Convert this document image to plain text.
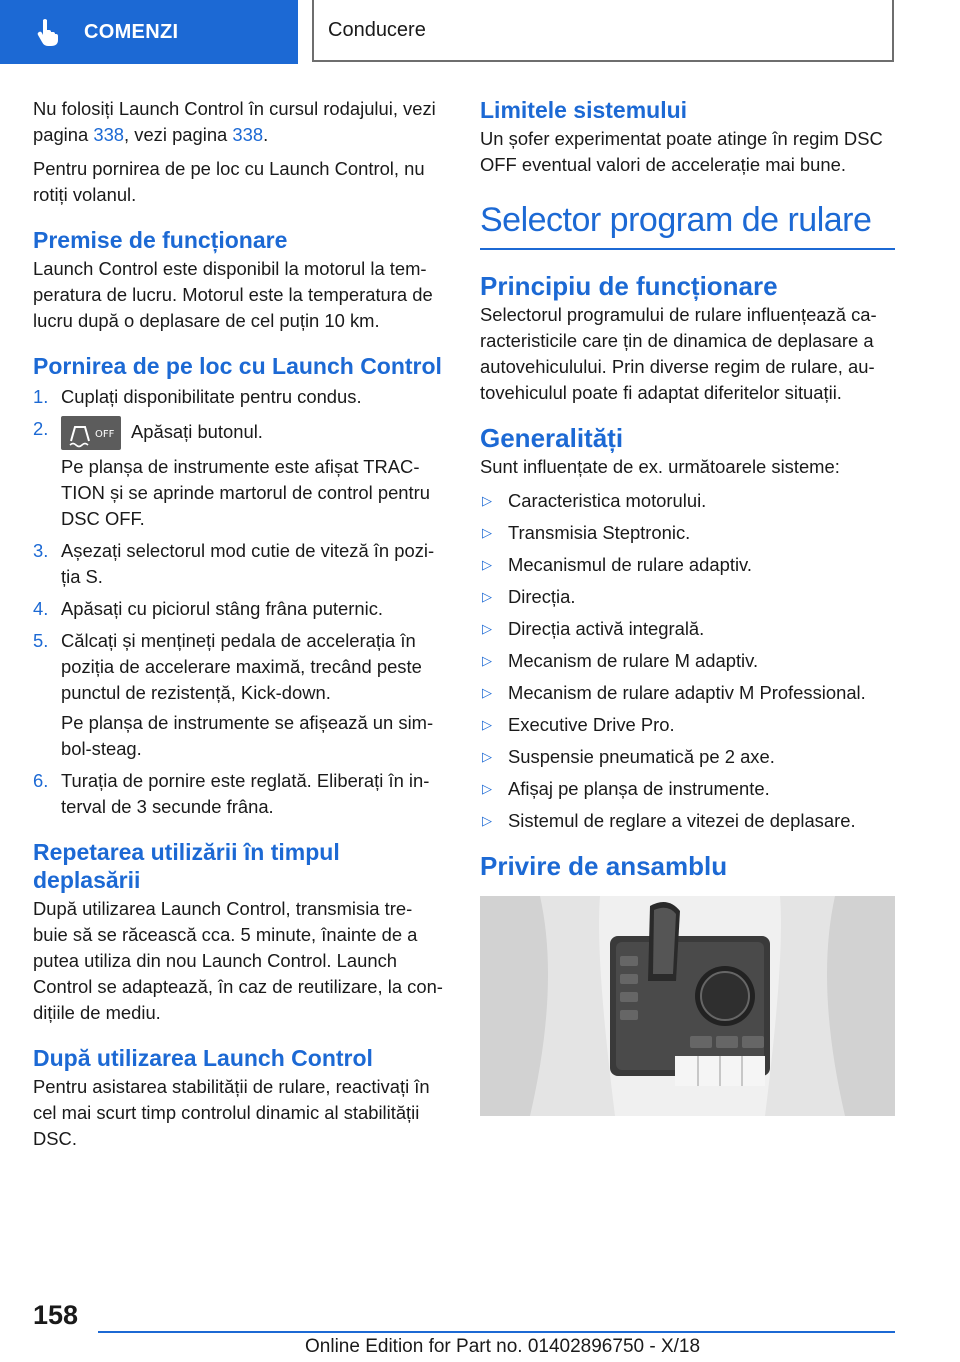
COMENZI	Conducere

Nu folosiți Launch Control în cursul rodajului, vezi pagina 338, vezi pagina 338.

Pentru pornirea de pe loc cu Launch Control, nu rotiți volanul.

Premise de funcționare

Launch Control este disponibil la motorul la tem- peratura de lucru. Motorul este la temperatura de lucru după o deplasare de cel puțin 10 km.

Pornirea de pe loc cu Launch Control
1. Cuplați disponibilitate pentru condus.
2.	OFF Apăsați butonul.

Pe planșa de instrumente este afișat TRAC- TION și se aprinde martorul de control pentru DSC OFF.

3. Așezați selectorul mod cutie de viteză în pozi- ția S.
4. Apăsați cu piciorul stâng frâna puternic.
5. Călcați și mențineți pedala de accelerația în poziția de accelerare maximă, trecând peste punctul de rezistență, Kick-down.

Pe planșa de instrumente se afișează un sim- bol-steag.

6. Turația de pornire este reglată. Eliberați în in- terval de 3 secunde frâna.
Repetarea utilizării în timpul deplasării

După utilizarea Launch Control, transmisia tre- buie să se răcească cca. 5 minute, înainte de a putea utiliza din nou Launch Control. Launch Control se adaptează, în caz de reutilizare, la con- dițiile de mediu.

După utilizarea Launch Control

Pentru asistarea stabilității de rulare, reactivați în cel mai scurt timp controlul dinamic al stabilității DSC.

Limitele sistemului

Un șofer experimentat poate atinge în regim DSC OFF eventual valori de accelerație mai bune.

Selector program de rulare
Principiu de funcționare

Selectorul programului de rulare influențează ca- racteristicile care țin de dinamica de deplasare a autovehiculului. Prin diverse regim de rulare, au- tovehiculul poate fi adaptat diferitelor situații.

Generalități

Sunt influențate de ex. următoarele sisteme:

▷ Caracteristica motorului.
▷ Transmisia Steptronic.
▷ Mecanismul de rulare adaptiv.
▷ Direcția.
▷ Direcția activă integrală.
▷ Mecanism de rulare M adaptiv.
▷ Mecanism de rulare adaptiv M Professional.
▷ Executive Drive Pro.
▷ Suspensie pneumatică pe 2 axe.
▷ Afișaj pe planșa de instrumente.
▷ Sistemul de reglare a vitezei de deplasare.
Privire de ansamblu
158
Online Edition for Part no. 01402896750 - X/18
